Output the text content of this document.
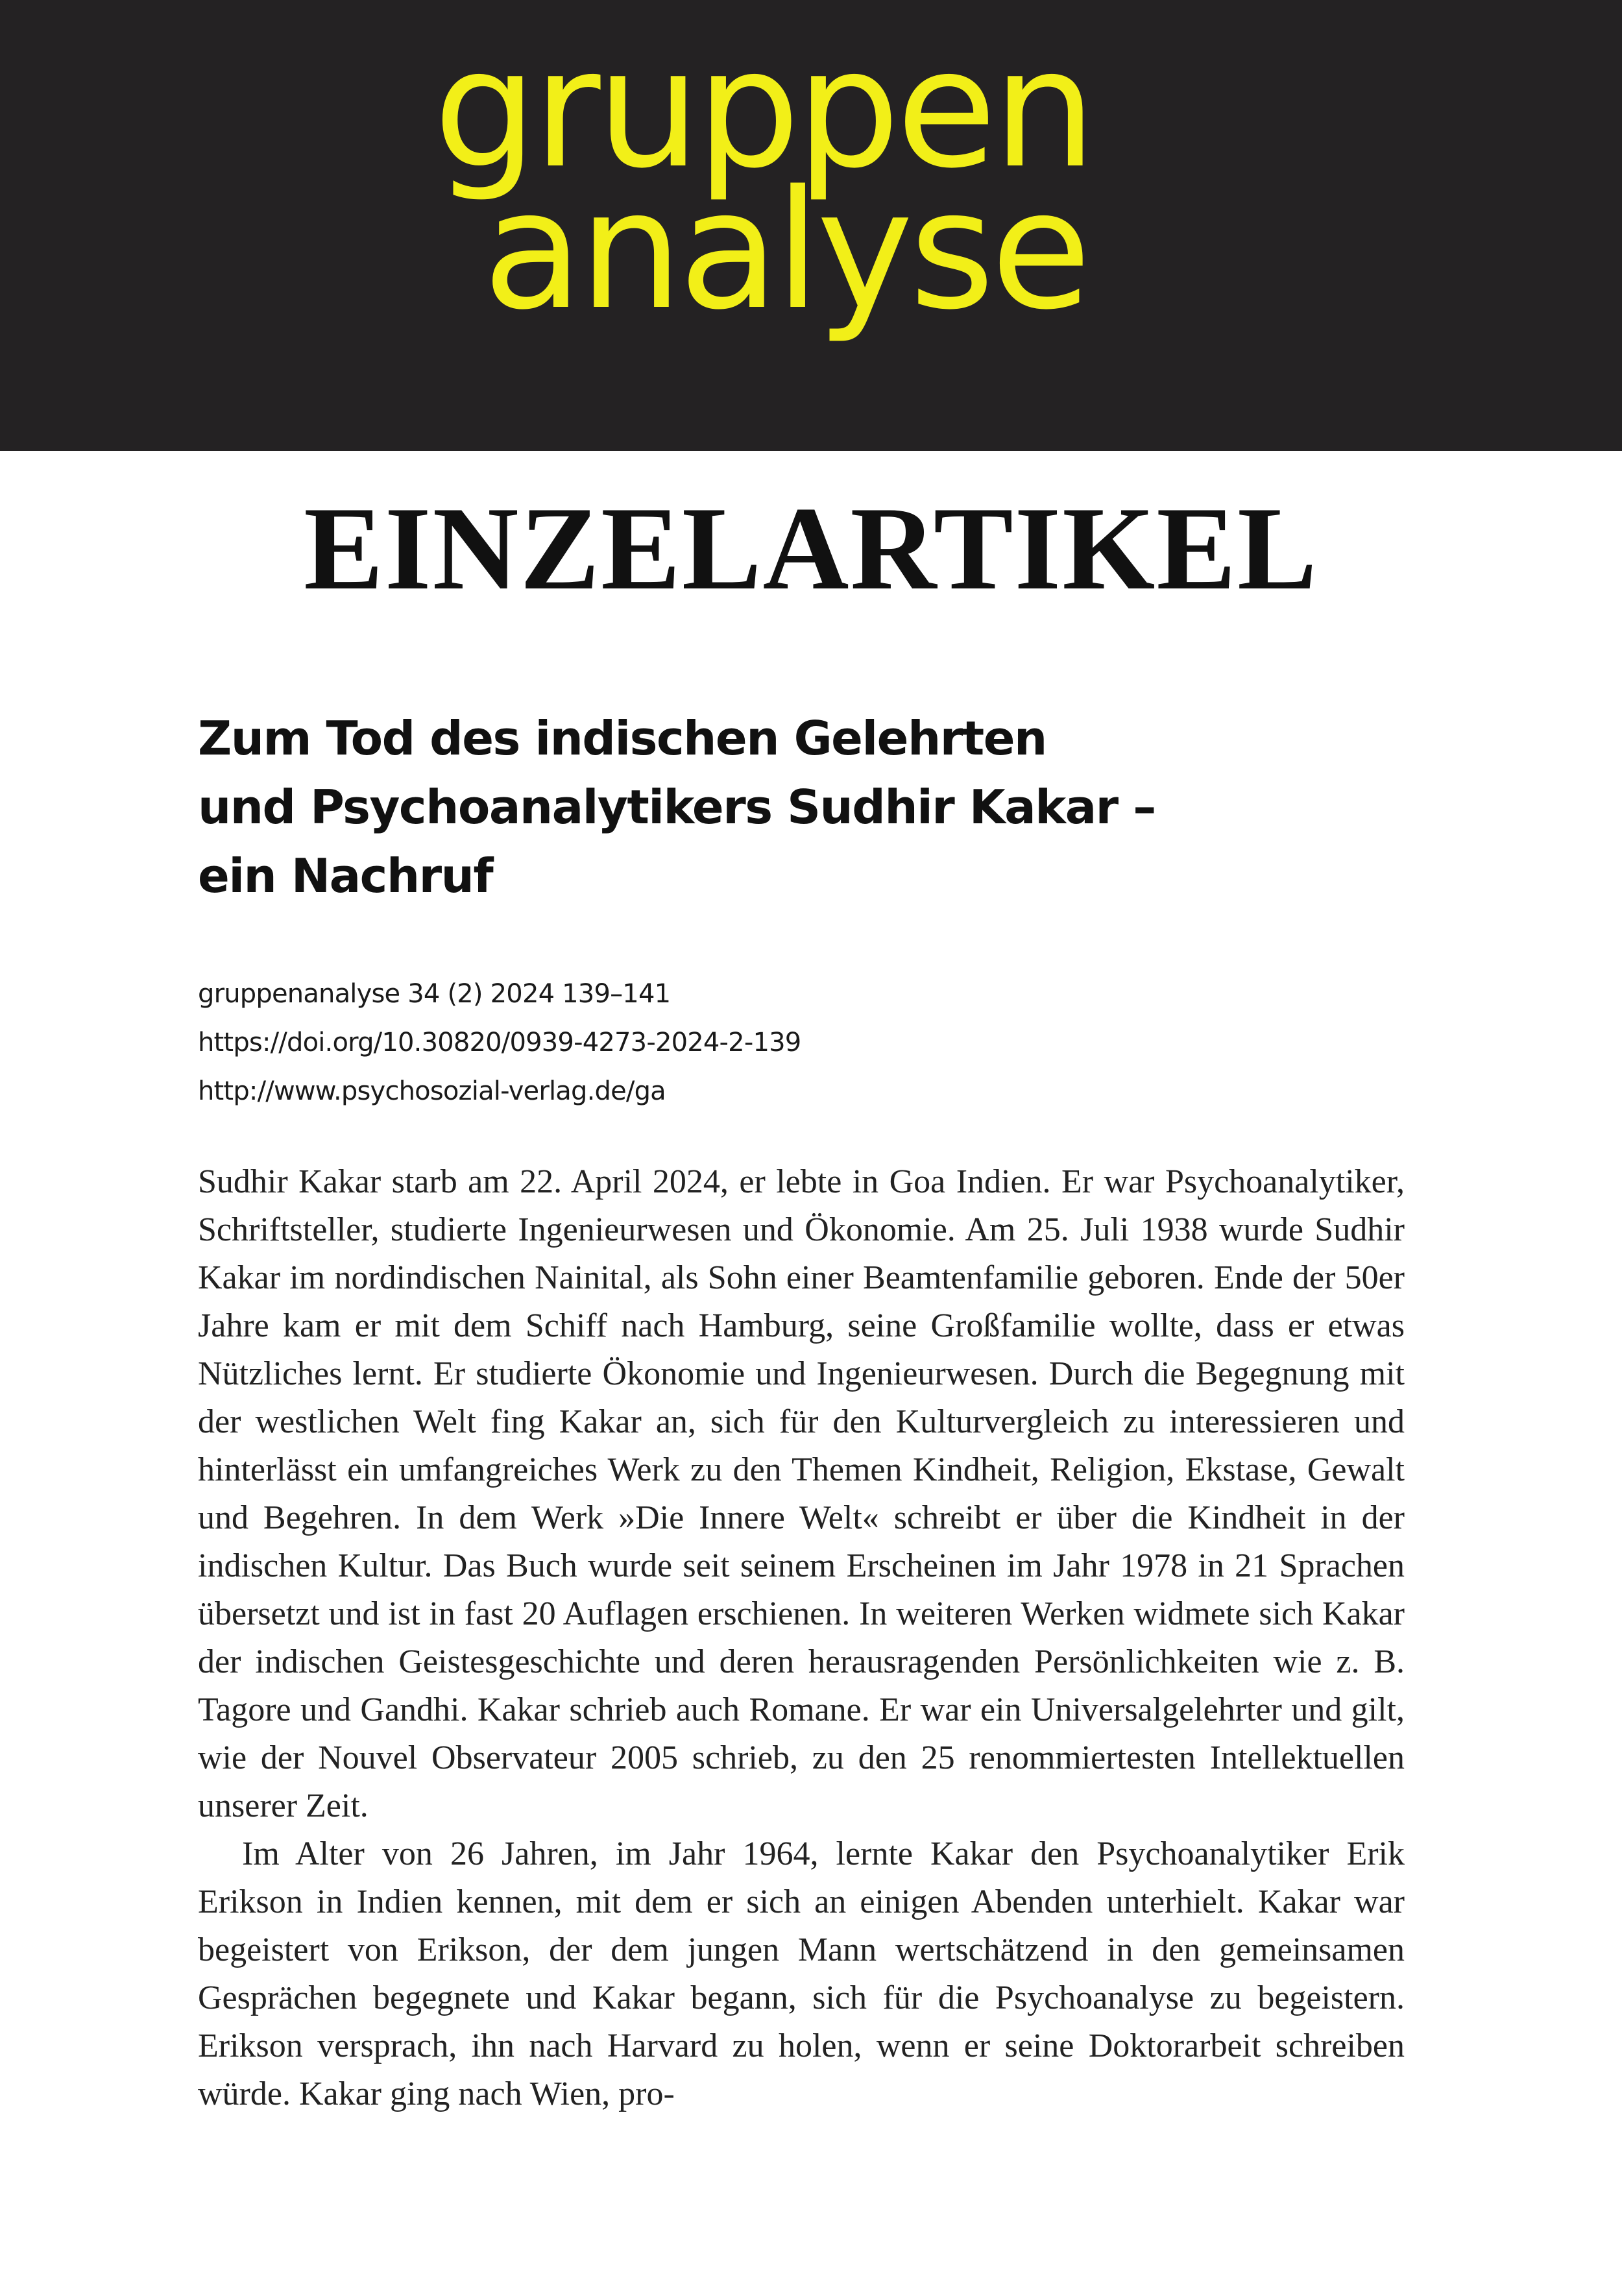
gruppen
analyse
EINZELARTIKEL
Zum Tod des indischen Gelehrten
und Psychoanalytikers Sudhir Kakar –
ein Nachruf
gruppenanalyse 34 (2) 2024 139–141
https://doi.org/10.30820/0939-4273-2024-2-139
http://www.psychosozial-verlag.de/ga

Sudhir Kakar starb am 22. April 2024, er lebte in Goa Indien. Er war Psychoanalytiker, Schriftsteller, studierte Ingenieurwesen und Ökonomie. Am 25. Juli 1938 wurde Sudhir Kakar im nordindischen Nainital, als Sohn einer Beamtenfamilie geboren. Ende der 50er Jahre kam er mit dem Schiff nach Hamburg, seine Großfamilie wollte, dass er etwas Nützliches lernt. Er studierte Ökonomie und Ingenieurwesen. Durch die Begegnung mit der westlichen Welt fing Kakar an, sich für den Kulturvergleich zu interessieren und hinterlässt ein umfangreiches Werk zu den Themen Kindheit, Religion, Ekstase, Gewalt und Begehren. In dem Werk »Die Innere Welt« schreibt er über die Kindheit in der indischen Kultur. Das Buch wurde seit seinem Erscheinen im Jahr 1978 in 21 Sprachen übersetzt und ist in fast 20 Auflagen erschienen. In weiteren Werken widmete sich Kakar der indischen Geistesgeschichte und deren herausragenden Persönlichkeiten wie z. B. Tagore und Gandhi. Kakar schrieb auch Romane. Er war ein Universalgelehrter und gilt, wie der Nouvel Observateur 2005 schrieb, zu den 25 renommiertesten Intellektuellen unserer Zeit.

Im Alter von 26 Jahren, im Jahr 1964, lernte Kakar den Psychoanalytiker Erik Erikson in Indien kennen, mit dem er sich an einigen Abenden unterhielt. Kakar war begeistert von Erikson, der dem jungen Mann wertschätzend in den gemeinsamen Gesprächen begegnete und Kakar begann, sich für die Psychoanalyse zu begeistern. Erikson versprach, ihn nach Harvard zu holen, wenn er seine Doktorarbeit schreiben würde. Kakar ging nach Wien, pro-
